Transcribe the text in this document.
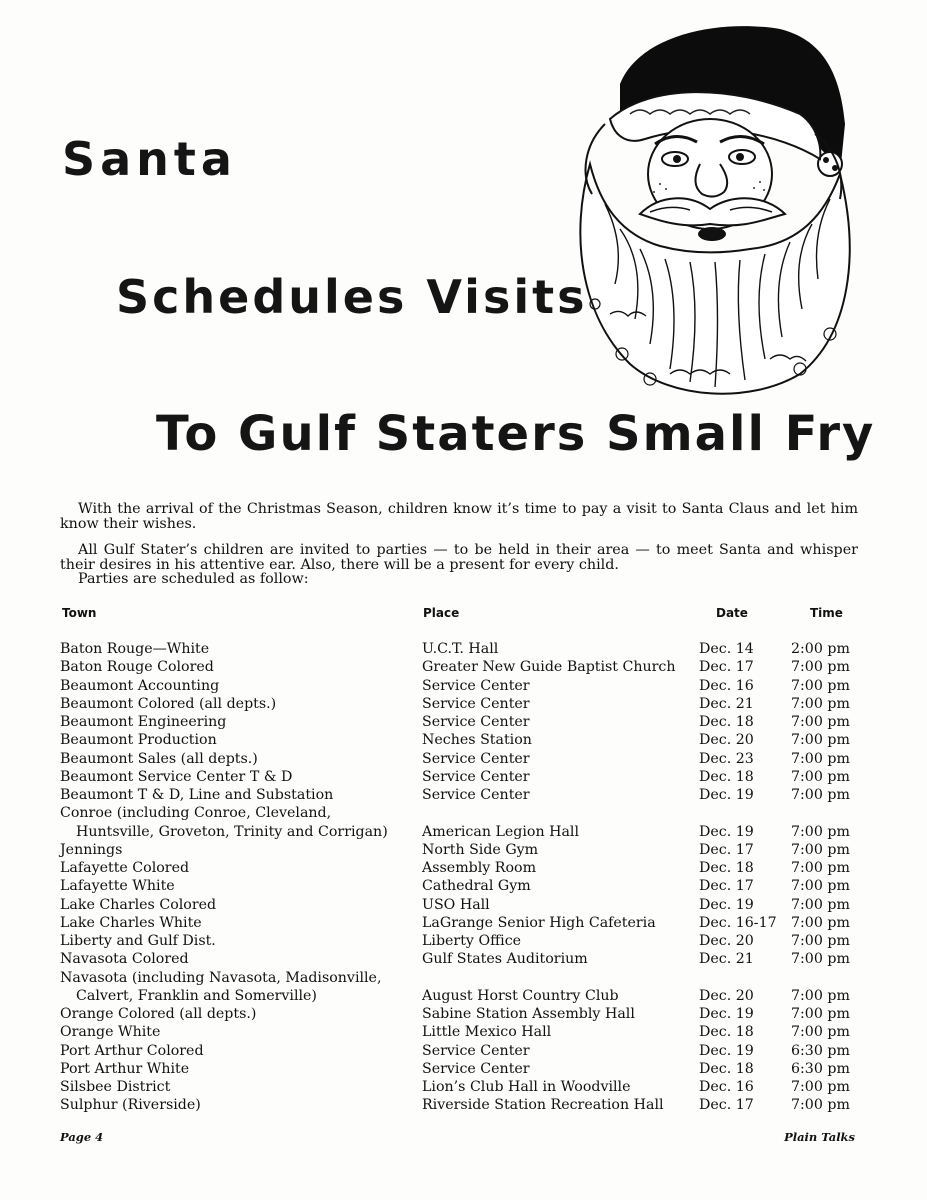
Santa
Schedules Visits
To Gulf Staters Small Fry

With the arrival of the Christmas Season, children know it’s time to pay a visit to Santa Claus and let him know their wishes.

All Gulf Stater’s children are invited to parties — to be held in their area — to meet Santa and whisper their desires in his attentive ear. Also, there will be a present for every child.

Parties are scheduled as follow:

Town	Place	Date	Time
Baton Rouge—White	U.C.T. Hall	Dec. 14	2:00 pm
Baton Rouge Colored	Greater New Guide Baptist Church Dec. 17	7:00 pm
Beaumont Accounting	Service Center	Dec. 16	7:00 pm
Beaumont Colored (all depts.)	Service Center	Dec. 21	7:00 pm
Beaumont Engineering	Service Center	Dec. 18	7:00 pm
Beaumont Production	Neches Station	Dec. 20	7:00 pm
Beaumont Sales (all depts.)	Service Center	Dec. 23	7:00 pm
Beaumont Service Center T & D	Service Center	Dec. 18	7:00 pm
Beaumont T & D, Line and Substation	Service Center	Dec. 19	7:00 pm
Conroe (including Conroe, Cleveland,
Huntsville, Groveton, Trinity and Corrigan) American Legion Hall	Dec. 19	7:00 pm
Jennings	North Side Gym	Dec. 17	7:00 pm
Lafayette Colored	Assembly Room	Dec. 18	7:00 pm
Lafayette White	Cathedral Gym	Dec. 17	7:00 pm
Lake Charles Colored	USO Hall	Dec. 19	7:00 pm
Lake Charles White	LaGrange Senior High Cafeteria	Dec. 16-17 7:00 pm
Liberty and Gulf Dist.	Liberty Office	Dec. 20	7:00 pm
Navasota Colored	Gulf States Auditorium	Dec. 21	7:00 pm
Navasota (including Navasota, Madisonville,
Calvert, Franklin and Somerville)	August Horst Country Club	Dec. 20	7:00 pm
Orange Colored (all depts.)	Sabine Station Assembly Hall	Dec. 19	7:00 pm
Orange White	Little Mexico Hall	Dec. 18	7:00 pm
Port Arthur Colored	Service Center	Dec. 19	6:30 pm
Port Arthur White	Service Center	Dec. 18	6:30 pm
Silsbee District	Lion’s Club Hall in Woodville	Dec. 16	7:00 pm
Sulphur (Riverside)	Riverside Station Recreation Hall Dec. 17	7:00 pm
Page 4	Plain Talks
